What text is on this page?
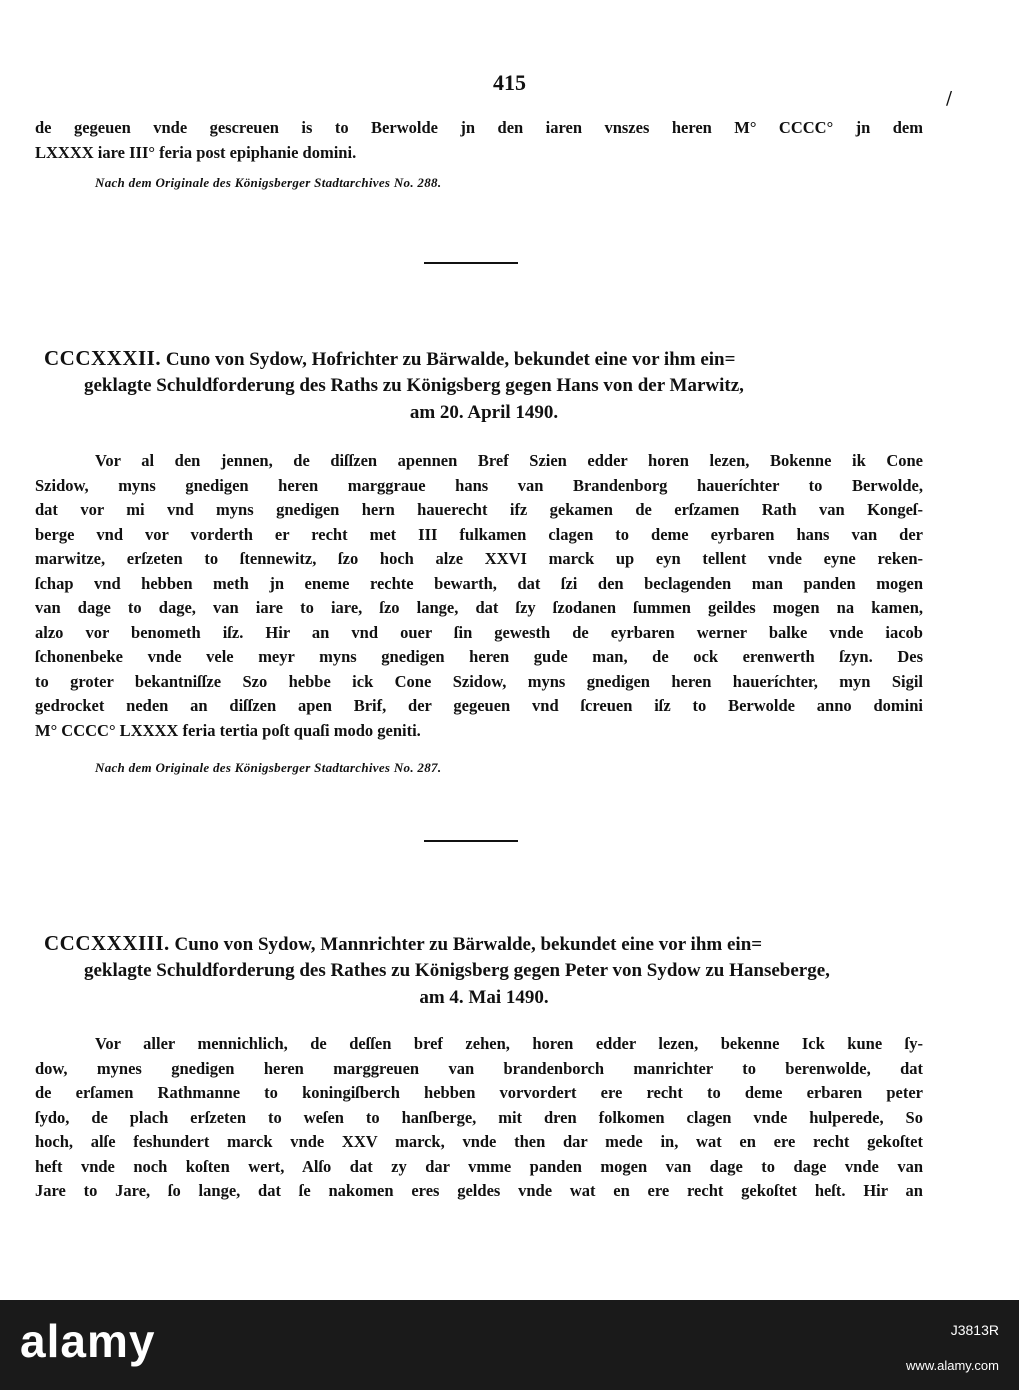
415
/
de gegeuen vnde gescreuen is to Berwolde jn den iaren vnszes heren M° CCCC° jn dem
LXXXX iare III° feria post epiphanie domini.
Nach dem Originale des Königsberger Stadtarchives No. 288.
CCCXXXII. Cuno von Sydow, Hofrichter zu Bärwalde, bekundet eine vor ihm ein=
geklagte Schuldforderung des Raths zu Königsberg gegen Hans von der Marwitz,
am 20. April 1490.
Vor al den jennen, de diſſzen apennen Bref Szien edder horen lezen, Bokenne ik Cone
Szidow, myns gnedigen heren marggraue hans van Brandenborg haueríchter to Berwolde,
dat vor mi vnd myns gnedigen hern hauerecht ifz gekamen de erſzamen Rath van Kongeſ-
berge vnd vor vorderth er recht met III fulkamen clagen to deme eyrbaren hans van der
marwitze, erſzeten to ſtennewitz, ſzo hoch alze XXVI marck up eyn tellent vnde eyne reken-
ſchap vnd hebben meth jn eneme rechte bewarth, dat ſzi den beclagenden man panden mogen
van dage to dage, van iare to iare, ſzo lange, dat ſzy ſzodanen ſummen geildes mogen na kamen,
alzo vor benometh iſz. Hir an vnd ouer ſin gewesth de eyrbaren werner balke vnde iacob
ſchonenbeke vnde vele meyr myns gnedigen heren gude man, de ock erenwerth ſzyn. Des
to groter bekantniſſze Szo hebbe ick Cone Szidow, myns gnedigen heren haueríchter, myn Sigil
gedrocket neden an diſſzen apen Brif, der gegeuen vnd ſcreuen iſz to Berwolde anno domini
M° CCCC° LXXXX feria tertia poſt quaſi modo geniti.
Nach dem Originale des Königsberger Stadtarchives No. 287.
CCCXXXIII. Cuno von Sydow, Mannrichter zu Bärwalde, bekundet eine vor ihm ein=
geklagte Schuldforderung des Rathes zu Königsberg gegen Peter von Sydow zu Hanseberge,
am 4. Mai 1490.
Vor aller mennichlich, de deſſen bref zehen, horen edder lezen, bekenne Ick kune ſy-
dow, mynes gnedigen heren marggreuen van brandenborch manrichter to berenwolde, dat
de erſamen Rathmanne to koningiſberch hebben vorvordert ere recht to deme erbaren peter
ſydo, de plach erſzeten to weſen to hanſberge, mit dren folkomen clagen vnde hulperede, So
hoch, alſe feshundert marck vnde XXV marck, vnde then dar mede in, wat en ere recht gekoſtet
heft vnde noch koſten wert, Alſo dat zy dar vmme panden mogen van dage to dage vnde van
Jare to Jare, ſo lange, dat ſe nakomen eres geldes vnde wat en ere recht gekoſtet heſt. Hir an
alamy	J3813R
www.alamy.com
